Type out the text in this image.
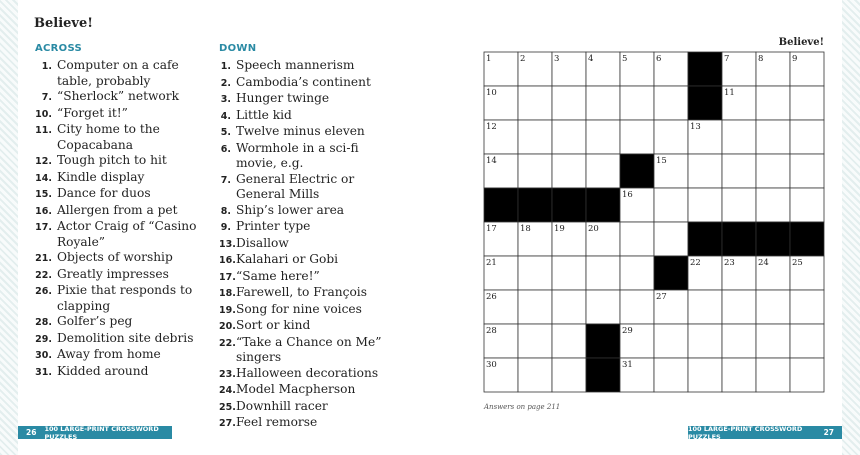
Believe!
ACROSS	DOWN
1. Computer on a cafe table, probably
7. “Sherlock” network
10. “Forget it!”
11. City home to the Copacabana
12. Tough pitch to hit
14. Kindle display
15. Dance for duos
16. Allergen from a pet
17. Actor Craig of “Casino Royale”
21. Objects of worship
22. Greatly impresses
26. Pixie that responds to clapping
28. Golfer’s peg
29. Demolition site debris
30. Away from home
31. Kidded around
1. Speech mannerism
2. Cambodia’s continent
3. Hunger twinge
4. Little kid
5. Twelve minus eleven
6. Wormhole in a sci-fi movie, e.g.
7. General Electric or General Mills
8. Ship’s lower area
9. Printer type
13. Disallow
16. Kalahari or Gobi
17. “Same here!”
18. Farewell, to François
19. Song for nine voices
20. Sort or kind
22. “Take a Chance on Me” singers
23. Halloween decorations
24. Model Macpherson
25. Downhill racer
27. Feel remorse
Believe!
1	2	3	4	5	6	7	8	9
10	11
12	13
14	15
16
17	18	19	20
21	22	23	24	25
26	27
28	29
30	31
Answers on page 211
26	100 LARGE-PRINT CROSSWORD PUZZLES
100 LARGE-PRINT CROSSWORD PUZZLES	27
